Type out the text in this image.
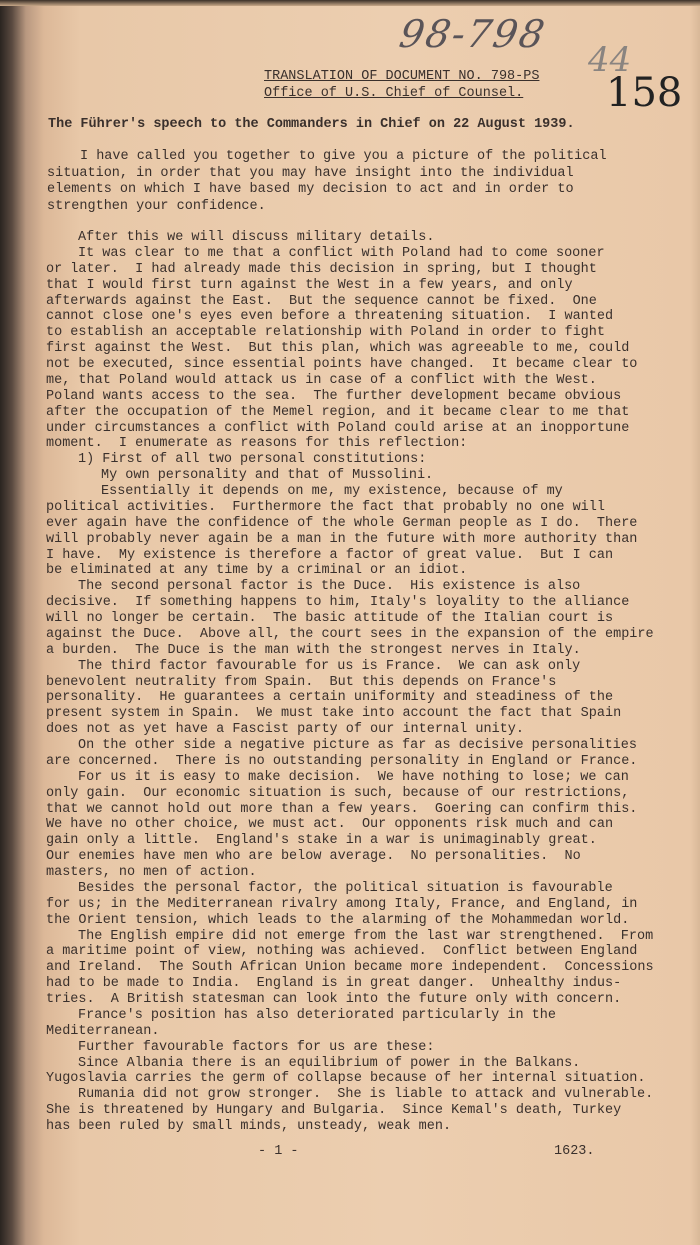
98-798
44
158
TRANSLATION OF DOCUMENT NO. 798-PS
Office of U.S. Chief of Counsel.
The Führer's speech to the Commanders in Chief on 22 August 1939.
I have called you together to give you a picture of the political
situation, in order that you may have insight into the individual
elements on which I have based my decision to act and in order to
strengthen your confidence.
After this we will discuss military details.
It was clear to me that a conflict with Poland had to come sooner
or later.  I had already made this decision in spring, but I thought
that I would first turn against the West in a few years, and only
afterwards against the East.  But the sequence cannot be fixed.  One
cannot close one's eyes even before a threatening situation.  I wanted
to establish an acceptable relationship with Poland in order to fight
first against the West.  But this plan, which was agreeable to me, could
not be executed, since essential points have changed.  It became clear to
me, that Poland would attack us in case of a conflict with the West.
Poland wants access to the sea.  The further development became obvious
after the occupation of the Memel region, and it became clear to me that
under circumstances a conflict with Poland could arise at an inopportune
moment.  I enumerate as reasons for this reflection:
1) First of all two personal constitutions:
My own personality and that of Mussolini.
Essentially it depends on me, my existence, because of my
political activities.  Furthermore the fact that probably no one will
ever again have the confidence of the whole German people as I do.  There
will probably never again be a man in the future with more authority than
I have.  My existence is therefore a factor of great value.  But I can
be eliminated at any time by a criminal or an idiot.
The second personal factor is the Duce.  His existence is also
decisive.  If something happens to him, Italy's loyality to the alliance
will no longer be certain.  The basic attitude of the Italian court is
against the Duce.  Above all, the court sees in the expansion of the empire
a burden.  The Duce is the man with the strongest nerves in Italy.
The third factor favourable for us is France.  We can ask only
benevolent neutrality from Spain.  But this depends on France's
personality.  He guarantees a certain uniformity and steadiness of the
present system in Spain.  We must take into account the fact that Spain
does not as yet have a Fascist party of our internal unity.
On the other side a negative picture as far as decisive personalities
are concerned.  There is no outstanding personality in England or France.
For us it is easy to make decision.  We have nothing to lose; we can
only gain.  Our economic situation is such, because of our restrictions,
that we cannot hold out more than a few years.  Goering can confirm this.
We have no other choice, we must act.  Our opponents risk much and can
gain only a little.  England's stake in a war is unimaginably great.
Our enemies have men who are below average.  No personalities.  No
masters, no men of action.
Besides the personal factor, the political situation is favourable
for us; in the Mediterranean rivalry among Italy, France, and England, in
the Orient tension, which leads to the alarming of the Mohammedan world.
The English empire did not emerge from the last war strengthened.  From
a maritime point of view, nothing was achieved.  Conflict between England
and Ireland.  The South African Union became more independent.  Concessions
had to be made to India.  England is in great danger.  Unhealthy indus-
tries.  A British statesman can look into the future only with concern.
France's position has also deteriorated particularly in the
Mediterranean.
Further favourable factors for us are these:
Since Albania there is an equilibrium of power in the Balkans.
Yugoslavia carries the germ of collapse because of her internal situation.
Rumania did not grow stronger.  She is liable to attack and vulnerable.
She is threatened by Hungary and Bulgaria.  Since Kemal's death, Turkey
has been ruled by small minds, unsteady, weak men.
- 1 -	1623.
